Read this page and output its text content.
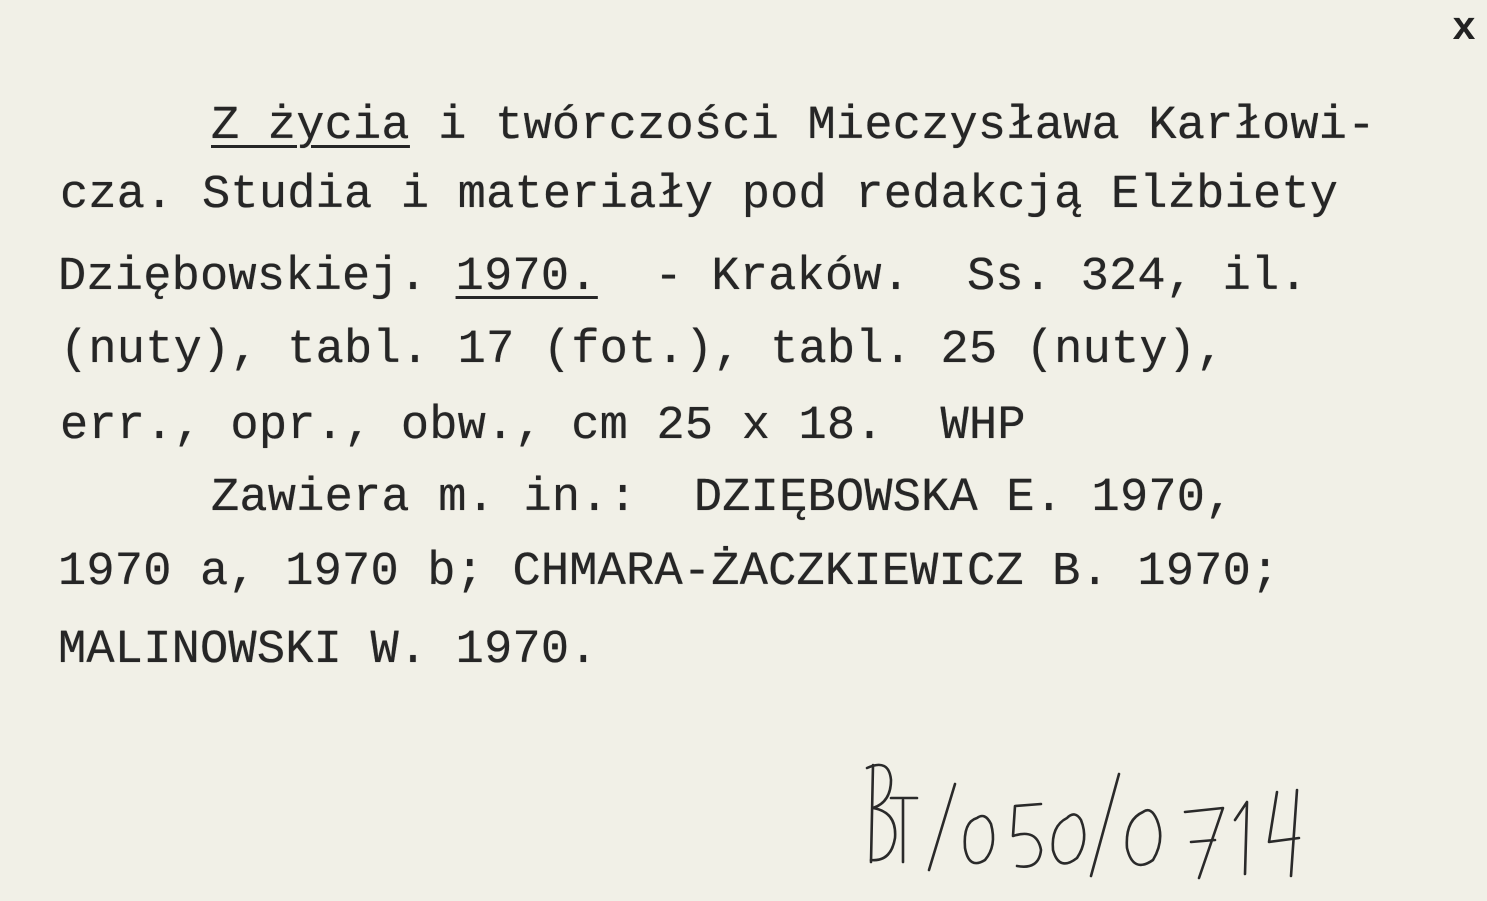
x

Z życia i twórczości Mieczysława Karłowi-

cza. Studia i materiały pod redakcją Elżbiety

Dziębowskiej. 1970.  - Kraków.  Ss. 324, il.

(nuty), tabl. 17 (fot.), tabl. 25 (nuty),

err., opr., obw., cm 25 x 18.  WHP

Zawiera m. in.:  DZIĘBOWSKA E. 1970,

1970 a, 1970 b; CHMARA-ŻACZKIEWICZ B. 1970;

MALINOWSKI W. 1970.
